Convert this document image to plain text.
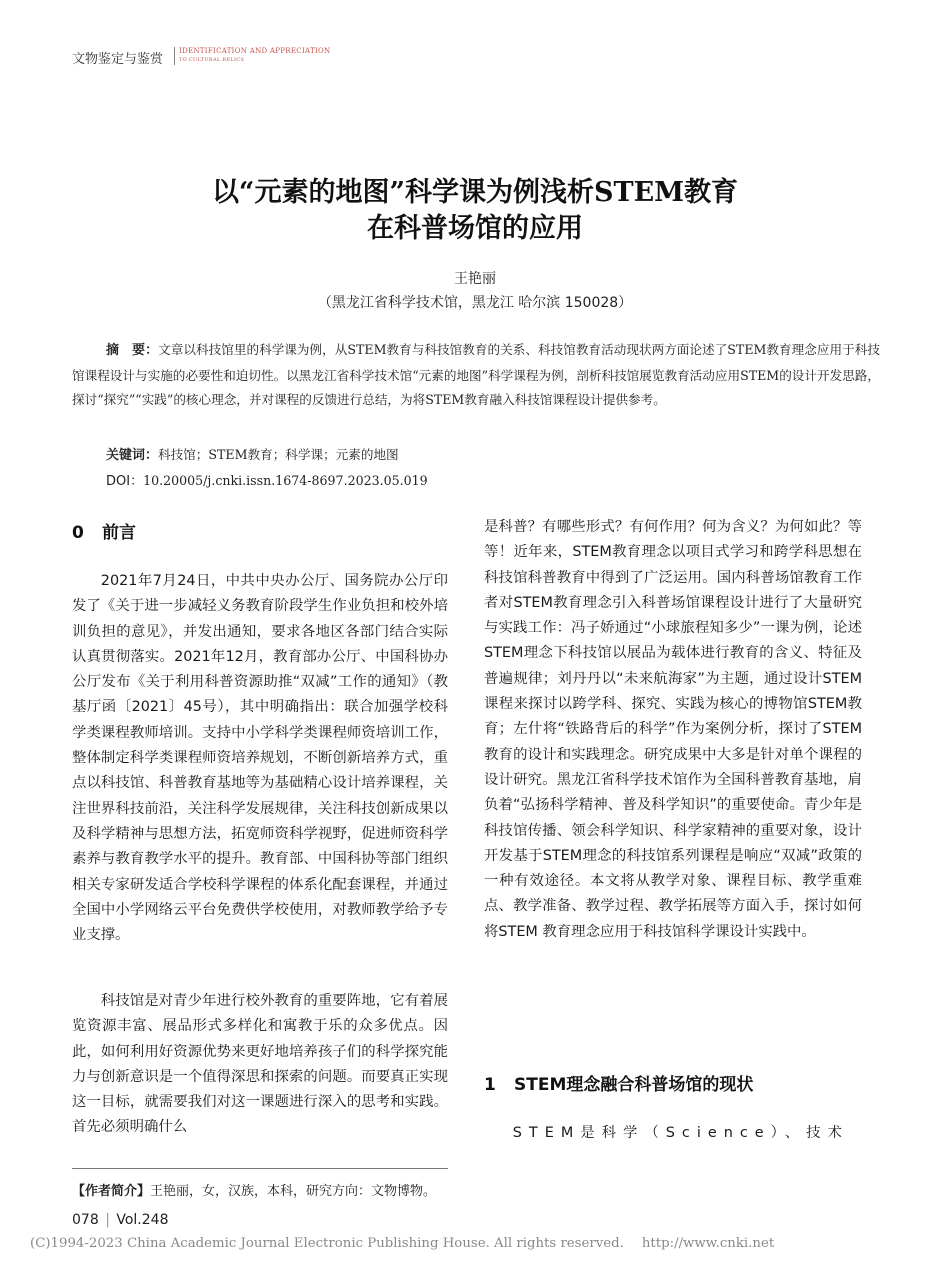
文物鉴定与鉴赏
IDENTIFICATION AND APPRECIATION
TO CULTURAL RELICS
以“元素的地图”科学课为例浅析STEM教育
在科普场馆的应用
王艳丽
（黑龙江省科学技术馆，黑龙江 哈尔滨 150028）
摘　要：文章以科技馆里的科学课为例，从STEM教育与科技馆教育的关系、科技馆教育活动现状两方面论述了STEM教育理念应用于科技馆课程设计与实施的必要性和迫切性。以黑龙江省科学技术馆“元素的地图”科学课程为例，剖析科技馆展览教育活动应用STEM的设计开发思路，探讨“探究”“实践”的核心理念，并对课程的反馈进行总结，为将STEM教育融入科技馆课程设计提供参考。
关键词：科技馆；STEM教育；科学课；元素的地图
DOI：10.20005/j.cnki.issn.1674-8697.2023.05.019
0 前言
2021年7月24日，中共中央办公厅、国务院办公厅印发了《关于进一步减轻义务教育阶段学生作业负担和校外培训负担的意见》，并发出通知，要求各地区各部门结合实际认真贯彻落实。2021年12月，教育部办公厅、中国科协办公厅发布《关于利用科普资源助推“双减”工作的通知》（教基厅函〔2021〕45号），其中明确指出：联合加强学校科学类课程教师培训。支持中小学科学类课程师资培训工作，整体制定科学类课程师资培养规划，不断创新培养方式，重点以科技馆、科普教育基地等为基础精心设计培养课程，关注世界科技前沿，关注科学发展规律，关注科技创新成果以及科学精神与思想方法，拓宽师资科学视野，促进师资科学素养与教育教学水平的提升。教育部、中国科协等部门组织相关专家研发适合学校科学课程的体系化配套课程，并通过全国中小学网络云平台免费供学校使用，对教师教学给予专业支撑。
科技馆是对青少年进行校外教育的重要阵地，它有着展览资源丰富、展品形式多样化和寓教于乐的众多优点。因此，如何利用好资源优势来更好地培养孩子们的科学探究能力与创新意识是一个值得深思和探索的问题。而要真正实现这一目标，就需要我们对这一课题进行深入的思考和实践。首先必须明确什么
是科普？有哪些形式？有何作用？何为含义？为何如此？等等！近年来，STEM教育理念以项目式学习和跨学科思想在科技馆科普教育中得到了广泛运用。国内科普场馆教育工作者对STEM教育理念引入科普场馆课程设计进行了大量研究与实践工作：冯子娇通过“小球旅程知多少”一课为例，论述STEM理念下科技馆以展品为载体进行教育的含义、特征及普遍规律；刘丹丹以“未来航海家”为主题，通过设计STEM课程来探讨以跨学科、探究、实践为核心的博物馆STEM教育；左什将“铁路背后的科学”作为案例分析，探讨了STEM教育的设计和实践理念。研究成果中大多是针对单个课程的设计研究。黑龙江省科学技术馆作为全国科普教育基地，肩负着“弘扬科学精神、普及科学知识”的重要使命。青少年是科技馆传播、领会科学知识、科学家精神的重要对象，设计开发基于STEM理念的科技馆系列课程是响应“双减”政策的一种有效途径。本文将从教学对象、课程目标、教学重难点、教学准备、教学过程、教学拓展等方面入手，探讨如何将STEM 教育理念应用于科技馆科学课设计实践中。
1 STEM理念融合科普场馆的现状
STEM是科学（Science）、技术
【作者简介】王艳丽，女，汉族，本科，研究方向：文物博物。
078 | Vol.248
(C)1994-2023 China Academic Journal Electronic Publishing House. All rights reserved. http://www.cnki.net
